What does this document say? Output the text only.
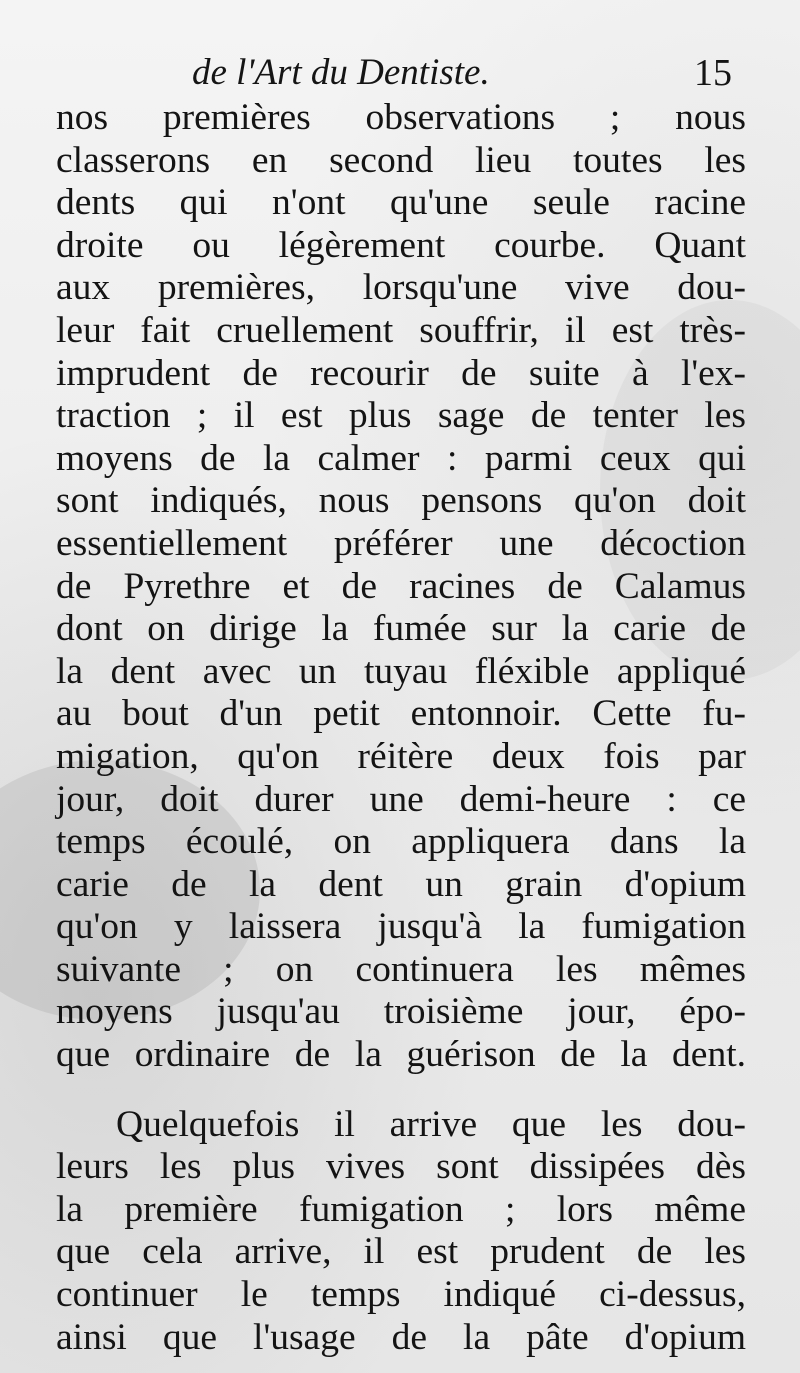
de l'Art du Dentiste.	15
nos premières observations ; nous
classerons en second lieu toutes les
dents qui n'ont qu'une seule racine
droite ou légèrement courbe. Quant
aux premières, lorsqu'une vive dou-
leur fait cruellement souffrir, il est très-
imprudent de recourir de suite à l'ex-
traction ; il est plus sage de tenter les
moyens de la calmer : parmi ceux qui
sont indiqués, nous pensons qu'on doit
essentiellement préférer une décoction
de Pyrethre et de racines de Calamus
dont on dirige la fumée sur la carie de
la dent avec un tuyau fléxible appliqué
au bout d'un petit entonnoir. Cette fu-
migation, qu'on réitère deux fois par
jour, doit durer une demi-heure : ce
temps écoulé, on appliquera dans la
carie de la dent un grain d'opium
qu'on y laissera jusqu'à la fumigation
suivante ; on continuera les mêmes
moyens jusqu'au troisième jour, épo-
que ordinaire de la guérison de la dent.
Quelquefois il arrive que les dou-
leurs les plus vives sont dissipées dès
la première fumigation ; lors même
que cela arrive, il est prudent de les
continuer le temps indiqué ci-dessus,
ainsi que l'usage de la pâte d'opium
